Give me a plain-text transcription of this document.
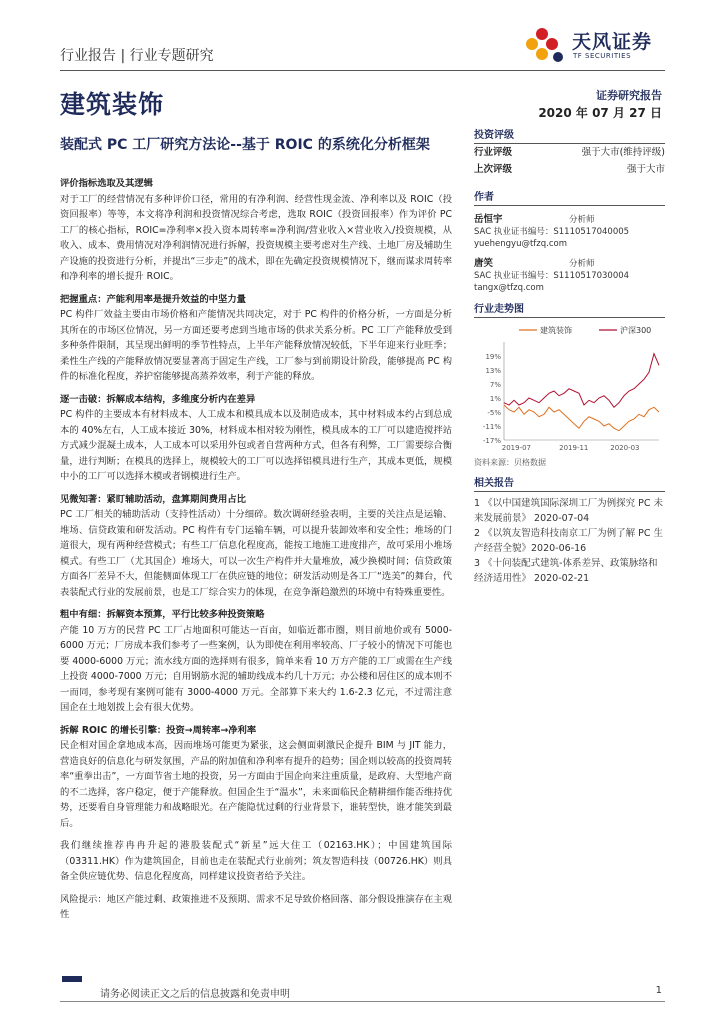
行业报告 | 行业专题研究
天风证券
TF SECURITIES
建筑装饰	证券研究报告
2020 年 07 月 27 日
装配式 PC 工厂研究方法论--基于 ROIC 的系统化分析框架
评价指标选取及其逻辑

对于工厂的经营情况有多种评价口径，常用的有净利润、经营性现金流、净利率以及 ROIC（投资回报率）等等，本文将净利润和投资情况综合考虑，选取 ROIC（投资回报率）作为评价 PC 工厂的核心指标，ROIC=净利率×投入资本周转率=净利润/营业收入×营业收入/投资规模，从收入、成本、费用情况对净利润情况进行拆解，投资规模主要考虑对生产线、土地厂房及辅助生产设施的投资进行分析，并提出“三步走”的战术，即在先确定投资规模情况下，继而谋求周转率和净利率的增长提升 ROIC。

把握重点：产能利用率是提升效益的中坚力量

PC 构件厂效益主要由市场价格和产能情况共同决定，对于 PC 构件的价格分析，一方面是分析其所在的市场区位情况，另一方面还要考虑到当地市场的供求关系分析。PC 工厂产能释放受到多种条件限制，其呈现出鲜明的季节性特点，上半年产能释放情况较低，下半年迎来行业旺季；柔性生产线的产能释放情况要显著高于固定生产线，工厂参与到前期设计阶段，能够提高 PC 构件的标准化程度，养护窑能够提高蒸养效率，利于产能的释放。

逐一击破：拆解成本结构，多维度分析内在差异

PC 构件的主要成本有材料成本、人工成本和模具成本以及制造成本，其中材料成本约占到总成本的 40%左右，人工成本接近 30%，材料成本相对较为刚性，模具成本的工厂可以建造搅拌站方式减少混凝土成本，人工成本可以采用外包或者自营两种方式，但各有利弊，工厂需要综合衡量，进行判断；在模具的选择上，规模较大的工厂可以选择铝模具进行生产，其成本更低，规模中小的工厂可以选择木模或者钢模进行生产。

见微知著：紧盯辅助活动，盘算期间费用占比

PC 工厂相关的辅助活动（支持性活动）十分细碎。数次调研经验表明，主要的关注点是运输、堆场、信贷政策和研发活动。PC 构件有专门运输车辆，可以提升装卸效率和安全性；堆场的门道很大，现有两种经营模式；有些工厂信息化程度高，能按工地施工进度排产，故可采用小堆场模式。有些工厂（尤其国企）堆场大，可以一次生产构件并大量堆放，减少换模时间；信贷政策方面各厂差异不大，但能侧面体现工厂在供应链的地位；研发活动则是各工厂“选美”的舞台，代表装配式行业的发展前景，也是工厂综合实力的体现，在竞争渐趋激烈的环境中有特殊重要性。

粗中有细：拆解资本预算，平行比较多种投资策略

产能 10 万方的民营 PC 工厂占地面积可能达一百亩，如临近都市圈，则目前地价或有 5000-6000 万元；厂房成本我们参考了一些案例，认为即使在利用率较高、厂子较小的情况下可能也要 4000-6000 万元；流水线方面的选择则有很多，简单来看 10 万方产能的工厂或需在生产线上投资 4000-7000 万元；自用钢筋水泥的辅助线成本约几十万元；办公楼和居住区的成本则不一而同，参考现有案例可能有 3000-4000 万元。全部算下来大约 1.6-2.3 亿元，不过需注意国企在土地划拨上会有很大优势。

拆解 ROIC 的增长引擎：投资→周转率→净利率

民企相对国企拿地成本高，因而堆场可能更为紧张，这会侧面刺激民企提升 BIM 与 JIT 能力，营造良好的信息化与研发氛围，产品的附加值和净利率有提升的趋势；国企则以较高的投资周转率“重拳出击”，一方面节省土地的投资，另一方面由于国企向来注重质量，是政府、大型地产商的不二选择，客户稳定，便于产能释放。但国企生于“温水”，未来面临民企精耕细作能否维持优势，还要看自身管理能力和战略眼光。在产能隐忧过剩的行业背景下，谁转型快，谁才能笑到最后。

我们继续推荐冉冉升起的港股装配式“新星”远大住工（02163.HK）；中国建筑国际（03311.HK）作为建筑国企，目前也走在装配式行业前列；筑友智造科技（00726.HK）则具备全供应链优势、信息化程度高，同样建议投资者给予关注。

风险提示：地区产能过剩、政策推进不及预期、需求不足导致价格回落、部分假设推演存在主观性

投资评级
行业评级	强于大市(维持评级)
上次评级	强于大市
作者
岳恒宇	分析师
SAC 执业证书编号：S1110517040005
yuehengyu@tfzq.com
唐笑	分析师
SAC 执业证书编号：S1110517030004
tangx@tfzq.com
行业走势图
建筑装饰	沪深300
19%
13%
7%
1%
-5%
-11%
-17%
2019-07	2019-11	2020-03
资料来源：贝格数据
相关报告
1 《以中国建筑国际深圳工厂为例探究 PC 未来发展前景》 2020-07-04
2 《以筑友智造科技南京工厂为例了解 PC 生产经营全貌》2020-06-16
3 《十问装配式建筑-体系差异、政策脉络和经济适用性》 2020-02-21
请务必阅读正文之后的信息披露和免责申明	1
